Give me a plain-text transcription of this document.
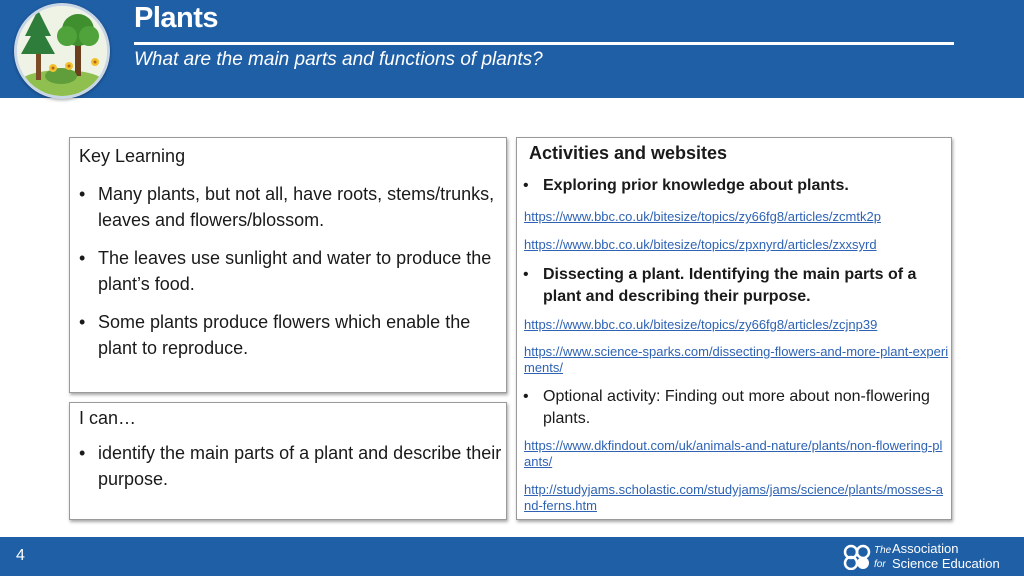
Plants
What are the main parts and functions of plants?
Key Learning
• Many plants, but not all, have roots, stems/trunks, leaves and flowers/blossom.
• The leaves use sunlight and water to produce the plant’s food.
• Some plants produce flowers which enable the plant to reproduce.
I can…
• identify the main parts of a plant and describe their purpose.
Activities and websites
• Exploring prior knowledge about plants.
https://www.bbc.co.uk/bitesize/topics/zy66fg8/articles/zcmtk2p
https://www.bbc.co.uk/bitesize/topics/zpxnyrd/articles/zxxsyrd
• Dissecting a plant. Identifying the main parts of a plant and describing their purpose.
https://www.bbc.co.uk/bitesize/topics/zy66fg8/articles/zcjnp39
https://www.science-sparks.com/dissecting-flowers-and-more-plant-experiments/
• Optional activity: Finding out more about non-flowering plants.
https://www.dkfindout.com/uk/animals-and-nature/plants/non-flowering-plants/
http://studyjams.scholastic.com/studyjams/jams/science/plants/mosses-and-ferns.htm
4	The Association
for Science Education
